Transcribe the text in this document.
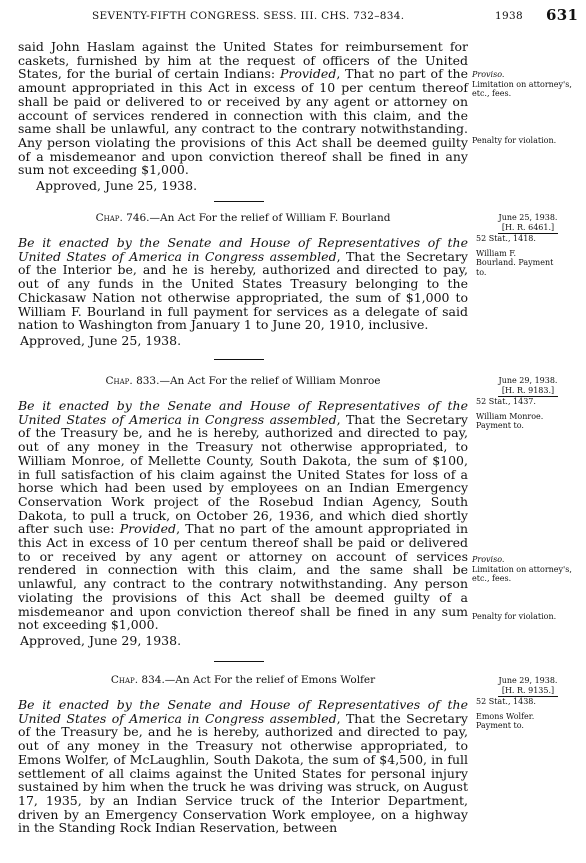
SEVENTY-FIFTH CONGRESS. SESS. III. CHS. 732–834.	1938 631

said John Haslam against the United States for reimbursement for caskets, furnished by him at the request of officers of the United States, for the burial of certain Indians: Provided, That no part of the amount appropriated in this Act in excess of 10 per centum thereof shall be paid or delivered to or received by any agent or attorney on account of services rendered in connection with this claim, and the same shall be unlawful, any contract to the contrary notwithstanding. Any person violating the provisions of this Act shall be deemed guilty of a misdemeanor and upon conviction thereof shall be fined in any sum not exceeding $1,000.

Approved, June 25, 1938.

Proviso.
Limitation on attorney's, etc., fees.
Penalty for violation.

Chap. 746.—An Act For the relief of William F. Bourland

Be it enacted by the Senate and House of Representatives of the United States of America in Congress assembled, That the Secretary of the Interior be, and he is hereby, authorized and directed to pay, out of any funds in the United States Treasury belonging to the Chickasaw Nation not otherwise appropriated, the sum of $1,000 to William F. Bourland in full payment for services as a delegate of said nation to Washington from January 1 to June 20, 1910, inclusive.

Approved, June 25, 1938.

June 25, 1938.
[H. R. 6461.]
52 Stat., 1418.
William F. Bourland. Payment to.

Chap. 833.—An Act For the relief of William Monroe

Be it enacted by the Senate and House of Representatives of the United States of America in Congress assembled, That the Secretary of the Treasury be, and he is hereby, authorized and directed to pay, out of any money in the Treasury not otherwise appropriated, to William Monroe, of Mellette County, South Dakota, the sum of $100, in full satisfaction of his claim against the United States for loss of a horse which had been used by employees on an Indian Emergency Conservation Work project of the Rosebud Indian Agency, South Dakota, to pull a truck, on October 26, 1936, and which died shortly after such use: Provided, That no part of the amount appropriated in this Act in excess of 10 per centum thereof shall be paid or delivered to or received by any agent or attorney on account of services rendered in connection with this claim, and the same shall be unlawful, any contract to the contrary notwithstanding. Any person violating the provisions of this Act shall be deemed guilty of a misdemeanor and upon conviction thereof shall be fined in any sum not exceeding $1,000.

Approved, June 29, 1938.

June 29, 1938.
[H. R. 9183.]
52 Stat., 1437.
William Monroe. Payment to.
Proviso.
Limitation on attorney's, etc., fees.
Penalty for violation.

Chap. 834.—An Act For the relief of Emons Wolfer

Be it enacted by the Senate and House of Representatives of the United States of America in Congress assembled, That the Secretary of the Treasury be, and he is hereby, authorized and directed to pay, out of any money in the Treasury not otherwise appropriated, to Emons Wolfer, of McLaughlin, South Dakota, the sum of $4,500, in full settlement of all claims against the United States for personal injury sustained by him when the truck he was driving was struck, on August 17, 1935, by an Indian Service truck of the Interior Department, driven by an Emergency Conservation Work employee, on a highway in the Standing Rock Indian Reservation, between

June 29, 1938.
[H. R. 9135.]
52 Stat., 1438.
Emons Wolfer. Payment to.
